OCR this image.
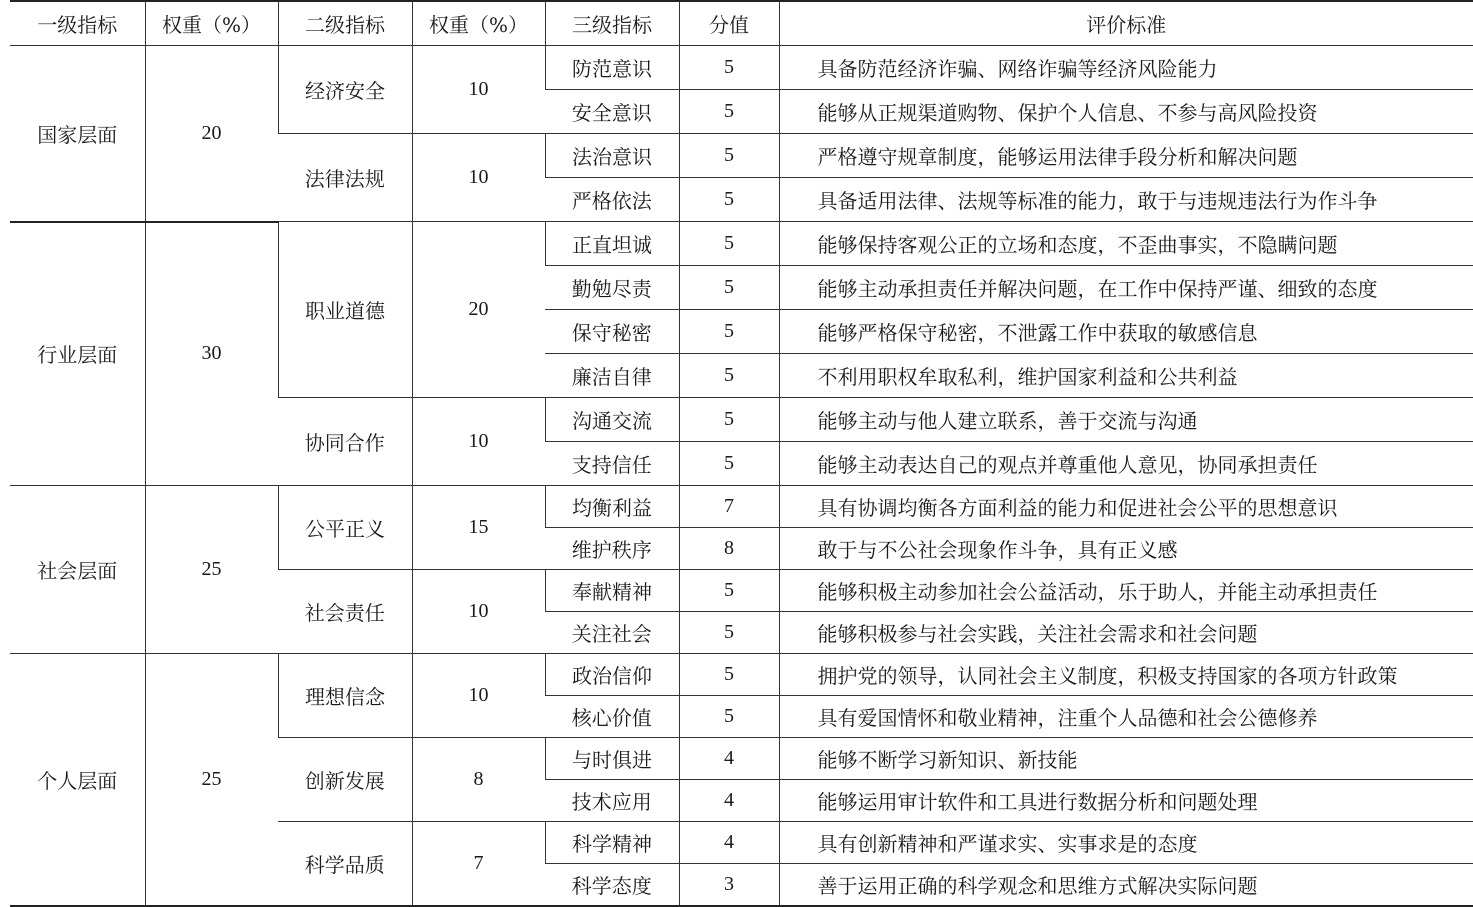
一级指标	权重（%）	二级指标	权重（%）	三级指标	分值	评价标准
国家层面	20	经济安全	10	防范意识	5	具备防范经济诈骗、网络诈骗等经济风险能力
				安全意识	5	能够从正规渠道购物、保护个人信息、不参与高风险投资
		法律法规	10	法治意识	5	严格遵守规章制度，能够运用法律手段分析和解决问题
				严格依法	5	具备适用法律、法规等标准的能力，敢于与违规违法行为作斗争
行业层面	30	职业道德	20	正直坦诚	5	能够保持客观公正的立场和态度，不歪曲事实，不隐瞒问题
				勤勉尽责	5	能够主动承担责任并解决问题，在工作中保持严谨、细致的态度
				保守秘密	5	能够严格保守秘密，不泄露工作中获取的敏感信息
				廉洁自律	5	不利用职权牟取私利，维护国家利益和公共利益
		协同合作	10	沟通交流	5	能够主动与他人建立联系，善于交流与沟通
				支持信任	5	能够主动表达自己的观点并尊重他人意见，协同承担责任
社会层面	25	公平正义	15	均衡利益	7	具有协调均衡各方面利益的能力和促进社会公平的思想意识
				维护秩序	8	敢于与不公社会现象作斗争，具有正义感
		社会责任	10	奉献精神	5	能够积极主动参加社会公益活动，乐于助人，并能主动承担责任
				关注社会	5	能够积极参与社会实践，关注社会需求和社会问题
个人层面	25	理想信念	10	政治信仰	5	拥护党的领导，认同社会主义制度，积极支持国家的各项方针政策
				核心价值	5	具有爱国情怀和敬业精神，注重个人品德和社会公德修养
		创新发展	8	与时俱进	4	能够不断学习新知识、新技能
				技术应用	4	能够运用审计软件和工具进行数据分析和问题处理
		科学品质	7	科学精神	4	具有创新精神和严谨求实、实事求是的态度
				科学态度	3	善于运用正确的科学观念和思维方式解决实际问题
